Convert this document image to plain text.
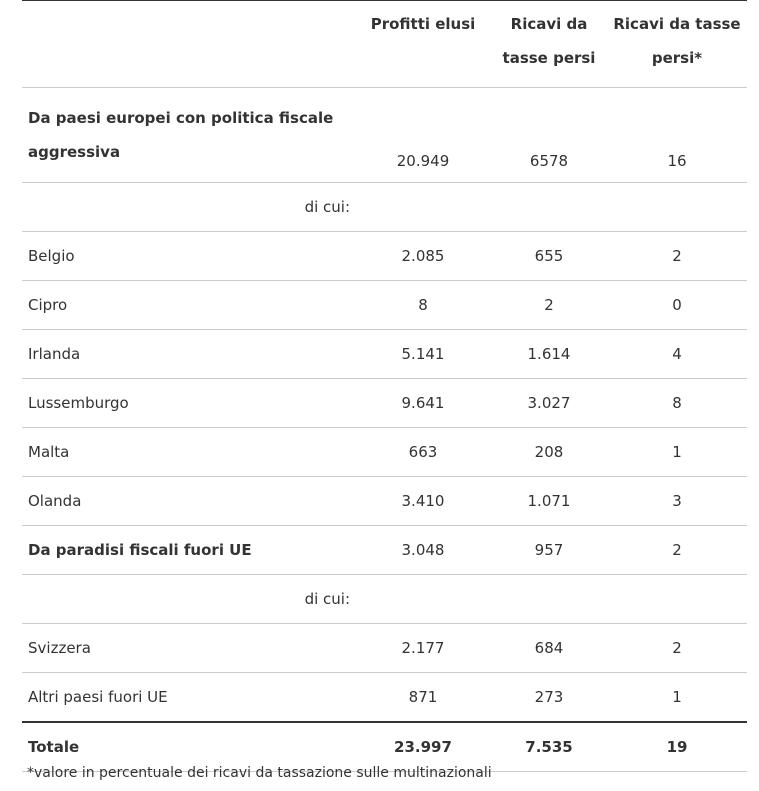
	Profitti elusi	Ricavi da tasse persi	Ricavi da tasse persi*
Da paesi europei con politica fiscale aggressiva	20.949	6578	16
di cui:			
Belgio	2.085	655	2
Cipro	8	2	0
Irlanda	5.141	1.614	4
Lussemburgo	9.641	3.027	8
Malta	663	208	1
Olanda	3.410	1.071	3
Da paradisi fiscali fuori UE	3.048	957	2
di cui:			
Svizzera	2.177	684	2
Altri paesi fuori UE	871	273	1
Totale	23.997	7.535	19
*valore in percentuale dei ricavi da tassazione sulle multinazionali
